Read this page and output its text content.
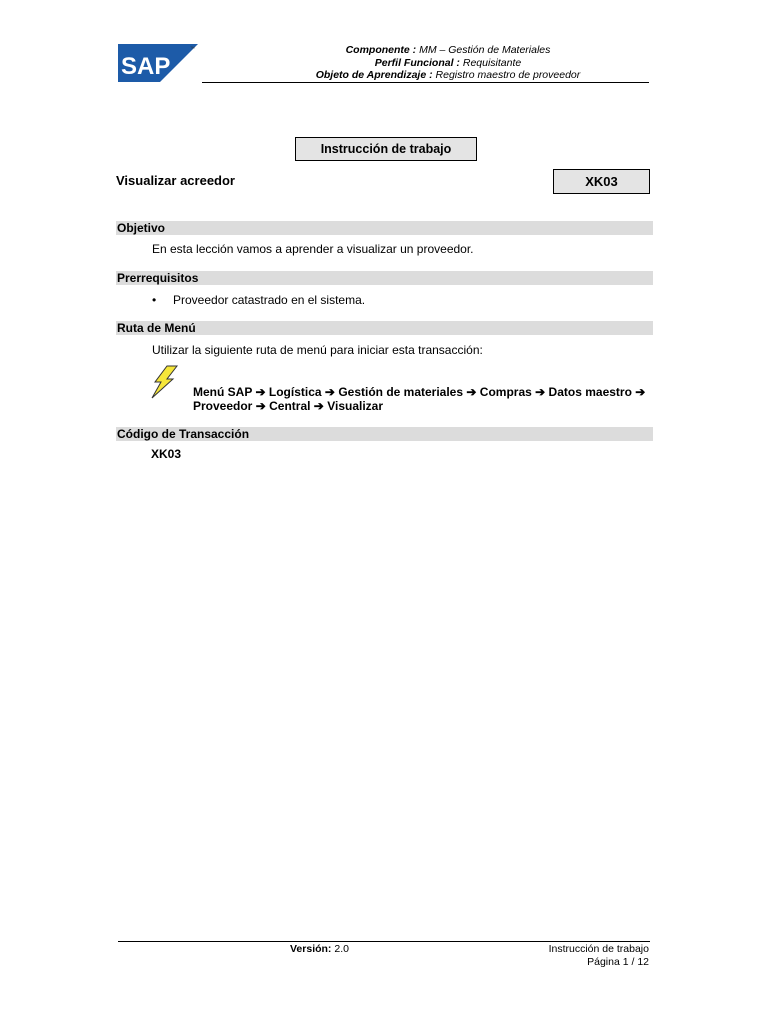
SAP
™	Componente : MM – Gestión de Materiales
Perfil Funcional : Requisitante
Objeto de Aprendizaje : Registro maestro de proveedor
Instrucción de trabajo
Visualizar acreedor	XK03
Objetivo
En esta lección vamos a aprender a visualizar un proveedor.
Prerrequisitos
• Proveedor catastrado en el sistema.
Ruta de Menú
Utilizar la siguiente ruta de menú para iniciar esta transacción:
Menú SAP ➔ Logística ➔ Gestión de materiales ➔ Compras ➔ Datos maestro ➔
Proveedor ➔ Central ➔ Visualizar
Código de Transacción
XK03
Versión: 2.0	Instrucción de trabajo
Página 1 / 12
